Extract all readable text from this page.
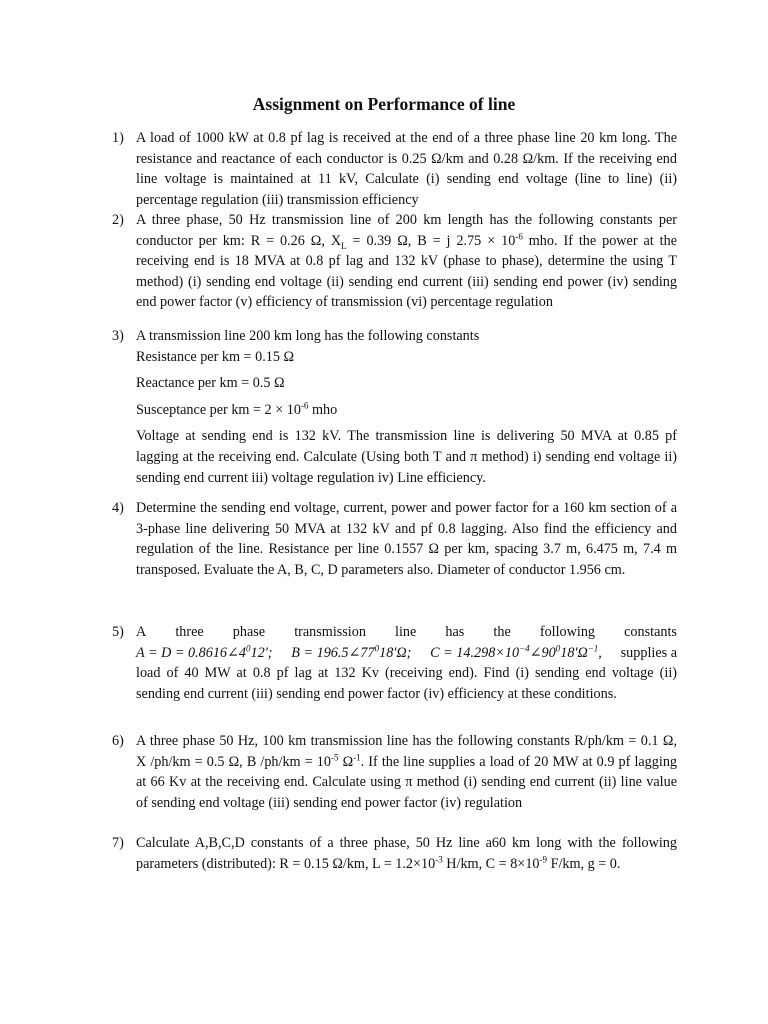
Assignment on Performance of line
1) A load of 1000 kW at 0.8 pf lag is received at the end of a three phase line 20 km long. The resistance and reactance of each conductor is 0.25 Ω/km and 0.28 Ω/km. If the receiving end line voltage is maintained at 11 kV, Calculate (i) sending end voltage (line to line) (ii) percentage regulation (iii) transmission efficiency

2) A three phase, 50 Hz transmission line of 200 km length has the following constants per conductor per km: R = 0.26 Ω, $X_L = 0.39$ Ω, B = j $2.75 \times 10^{-6}$ mho. If the power at the receiving end is 18 MVA at 0.8 pf lag and 132 kV (phase to phase), determine the using T method) (i) sending end voltage (ii) sending end current (iii) sending end power (iv) sending end power factor (v) efficiency of transmission (vi) percentage regulation

3) A transmission line 200 km long has the following constants
Resistance per km = 0.15 Ω
Reactance per km = 0.5 Ω
Susceptance per km = $2 \times 10^{-6}$ mho

Voltage at sending end is 132 kV. The transmission line is delivering 50 MVA at 0.85 pf lagging at the receiving end. Calculate (Using both T and π method) i) sending end voltage ii) sending end current iii) voltage regulation iv) Line efficiency.

4) Determine the sending end voltage, current, power and power factor for a 160 km section of a 3-phase line delivering 50 MVA at 132 kV and pf 0.8 lagging. Also find the efficiency and regulation of the line. Resistance per line 0.1557 Ω per km, spacing 3.7 m, 6.475 m, 7.4 m transposed. Evaluate the A, B, C, D parameters also. Diameter of conductor 1.956 cm.

5) A three phase transmission line has the following constants
$A = D = 0.8616\angle 4^012'$; $B = 196.5\angle 77^018'\Omega$; $C = 14.298\times 10^{-4}\angle 90^018'\Omega^{-1}$, supplies a

load of 40 MW at 0.8 pf lag at 132 Kv (receiving end). Find (i) sending end voltage (ii) sending end current (iii) sending end power factor (iv) efficiency at these conditions.

6) A three phase 50 Hz, 100 km transmission line has the following constants R/ph/km = 0.1 Ω, X /ph/km = 0.5 Ω, B $/ph/km = 10^{-5}$ $\Omega^{-1}$. If the line supplies a load of 20 MW at 0.9 pf lagging at 66 Kv at the receiving end. Calculate using π method (i) sending end current (ii) line value of sending end voltage (iii) sending end power factor (iv) regulation

7) Calculate A,B,C,D constants of a three phase, 50 Hz line a60 km long with the following parameters (distributed): R = 0.15 Ω/km, $L = 1.2\times 10^{-3}$ H/km, $C = 8\times 10^{-9}$ F/km, g = 0.
